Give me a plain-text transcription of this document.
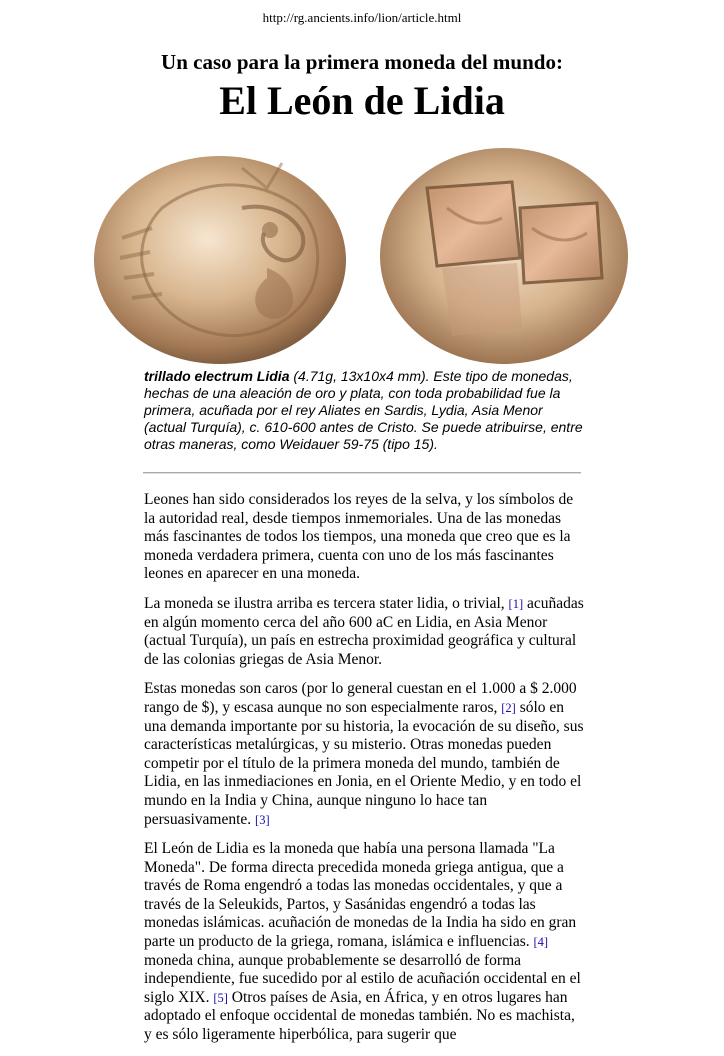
http://rg.ancients.info/lion/article.html
Un caso para la primera moneda del mundo:
El León de Lidia
trillado electrum Lidia (4.71g, 13x10x4 mm). Este tipo de monedas, hechas de una aleación de oro y plata, con toda probabilidad fue la primera, acuñada por el rey Aliates en Sardis, Lydia, Asia Menor (actual Turquía), c. 610-600 antes de Cristo. Se puede atribuirse, entre otras maneras, como Weidauer 59-75 (tipo 15).

Leones han sido considerados los reyes de la selva, y los símbolos de la autoridad real, desde tiempos inmemoriales. Una de las monedas más fascinantes de todos los tiempos, una moneda que creo que es la moneda verdadera primera, cuenta con uno de los más fascinantes leones en aparecer en una moneda.

La moneda se ilustra arriba es tercera stater lidia, o trivial, [1] acuñadas en algún momento cerca del año 600 aC en Lidia, en Asia Menor (actual Turquía), un país en estrecha proximidad geográfica y cultural de las colonias griegas de Asia Menor.

Estas monedas son caros (por lo general cuestan en el 1.000 a $ 2.000 rango de $), y escasa aunque no son especialmente raros, [2] sólo en una demanda importante por su historia, la evocación de su diseño, sus características metalúrgicas, y su misterio. Otras monedas pueden competir por el título de la primera moneda del mundo, también de Lidia, en las inmediaciones en Jonia, en el Oriente Medio, y en todo el mundo en la India y China, aunque ninguno lo hace tan persuasivamente. [3]

El León de Lidia es la moneda que había una persona llamada "La Moneda". De forma directa precedida moneda griega antigua, que a través de Roma engendró a todas las monedas occidentales, y que a través de la Seleukids, Partos, y Sasánidas engendró a todas las monedas islámicas. acuñación de monedas de la India ha sido en gran parte un producto de la griega, romana, islámica e influencias. [4] moneda china, aunque probablemente se desarrolló de forma independiente, fue sucedido por al estilo de acuñación occidental en el siglo XIX. [5] Otros países de Asia, en África, y en otros lugares han adoptado el enfoque occidental de monedas también. No es machista, y es sólo ligeramente hiperbólica, para sugerir que
